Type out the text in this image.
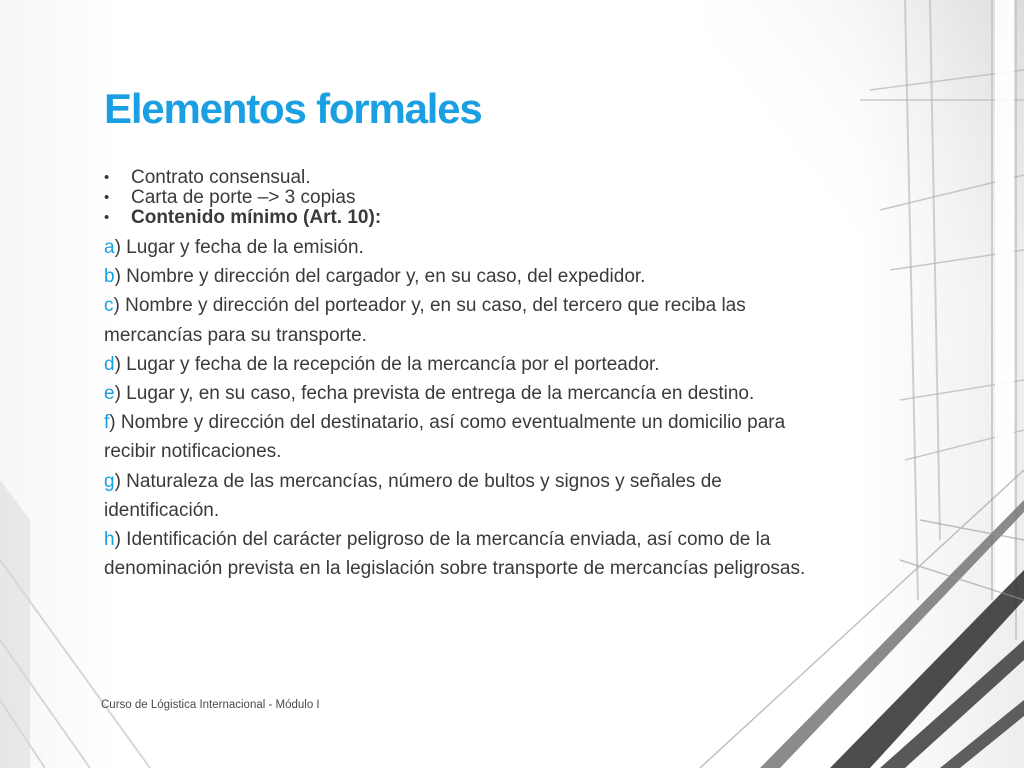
Elementos formales
• Contrato consensual.
• Carta de porte –> 3 copias
• Contenido mínimo (Art. 10):

a) Lugar y fecha de la emisión.

b) Nombre y dirección del cargador y, en su caso, del expedidor.

c) Nombre y dirección del porteador y, en su caso, del tercero que reciba las mercancías para su transporte.

d) Lugar y fecha de la recepción de la mercancía por el porteador.

e) Lugar y, en su caso, fecha prevista de entrega de la mercancía en destino.

f) Nombre y dirección del destinatario, así como eventualmente un domicilio para recibir notificaciones.

g) Naturaleza de las mercancías, número de bultos y signos y señales de identificación.

h) Identificación del carácter peligroso de la mercancía enviada, así como de la denominación prevista en la legislación sobre transporte de mercancías peligrosas.

Curso de Lógistica Internacional - Módulo I
